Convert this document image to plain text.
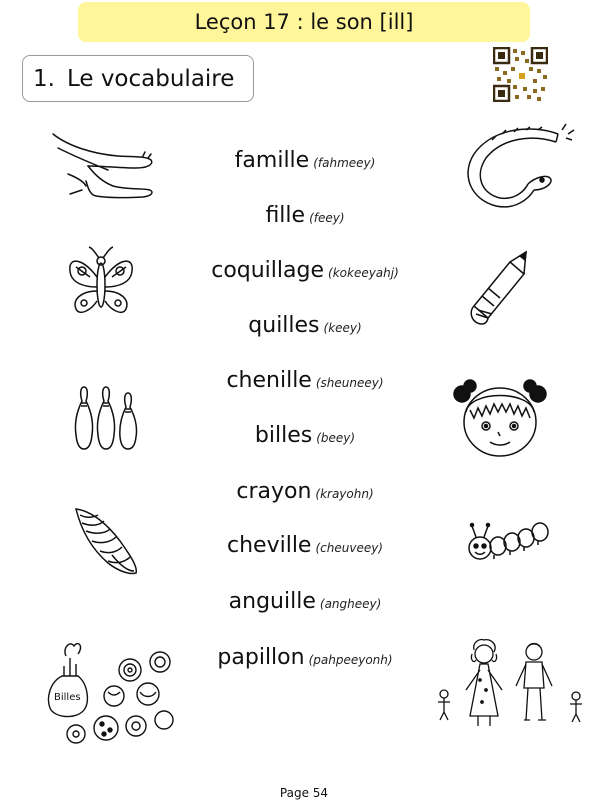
Leçon 17 : le son [ill]
1. Le vocabulaire
famille (fahmeey)
fille (feey)
coquillage (kokeeyahj)
quilles (keey)
chenille (sheuneey)
billes (beey)
crayon (krayohn)
cheville (cheuveey)
anguille (angheey)
papillon (pahpeeyonh)
Billes
Page 54
